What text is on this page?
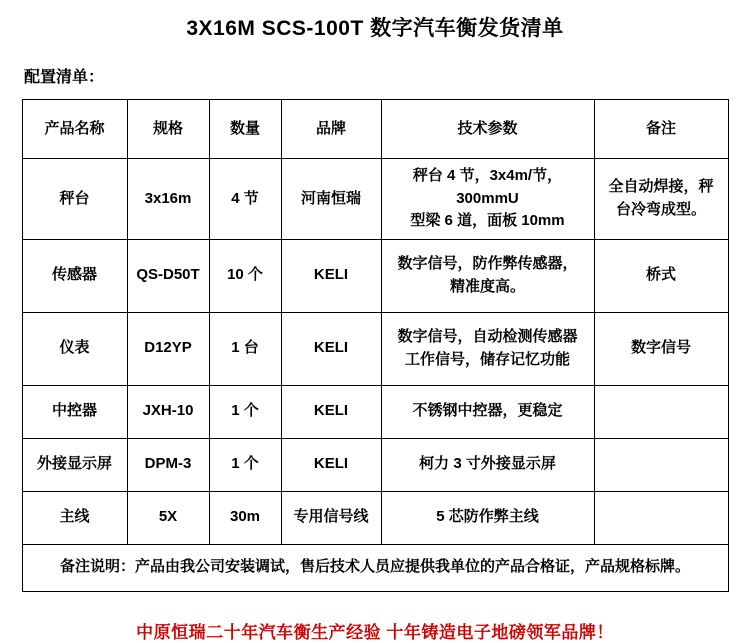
3X16M SCS-100T 数字汽车衡发货清单
配置清单：
产品名称	规格	数量	品牌	技术参数	备注
秤台	3x16m	4 节	河南恒瑞	秤台 4 节，3x4m/节，300mmU
型梁 6 道，面板 10mm	全自动焊接，秤
台冷弯成型。

传感器	QS-D50T	10 个	KELI	数字信号，防作弊传感器，
精准度高。	桥式
仪表	D12YP	1 台	KELI	数字信号，自动检测传感器
工作信号，储存记忆功能	数字信号
中控器	JXH-10	1 个	KELI	不锈钢中控器，更稳定	
外接显示屏	DPM-3	1 个	KELI	柯力 3 寸外接显示屏	
主线	5X	30m	专用信号线	5 芯防作弊主线	
备注说明：产品由我公司安装调试，售后技术人员应提供我单位的产品合格证，产品规格标牌。					
中原恒瑞二十年汽车衡生产经验 十年铸造电子地磅领军品牌！
